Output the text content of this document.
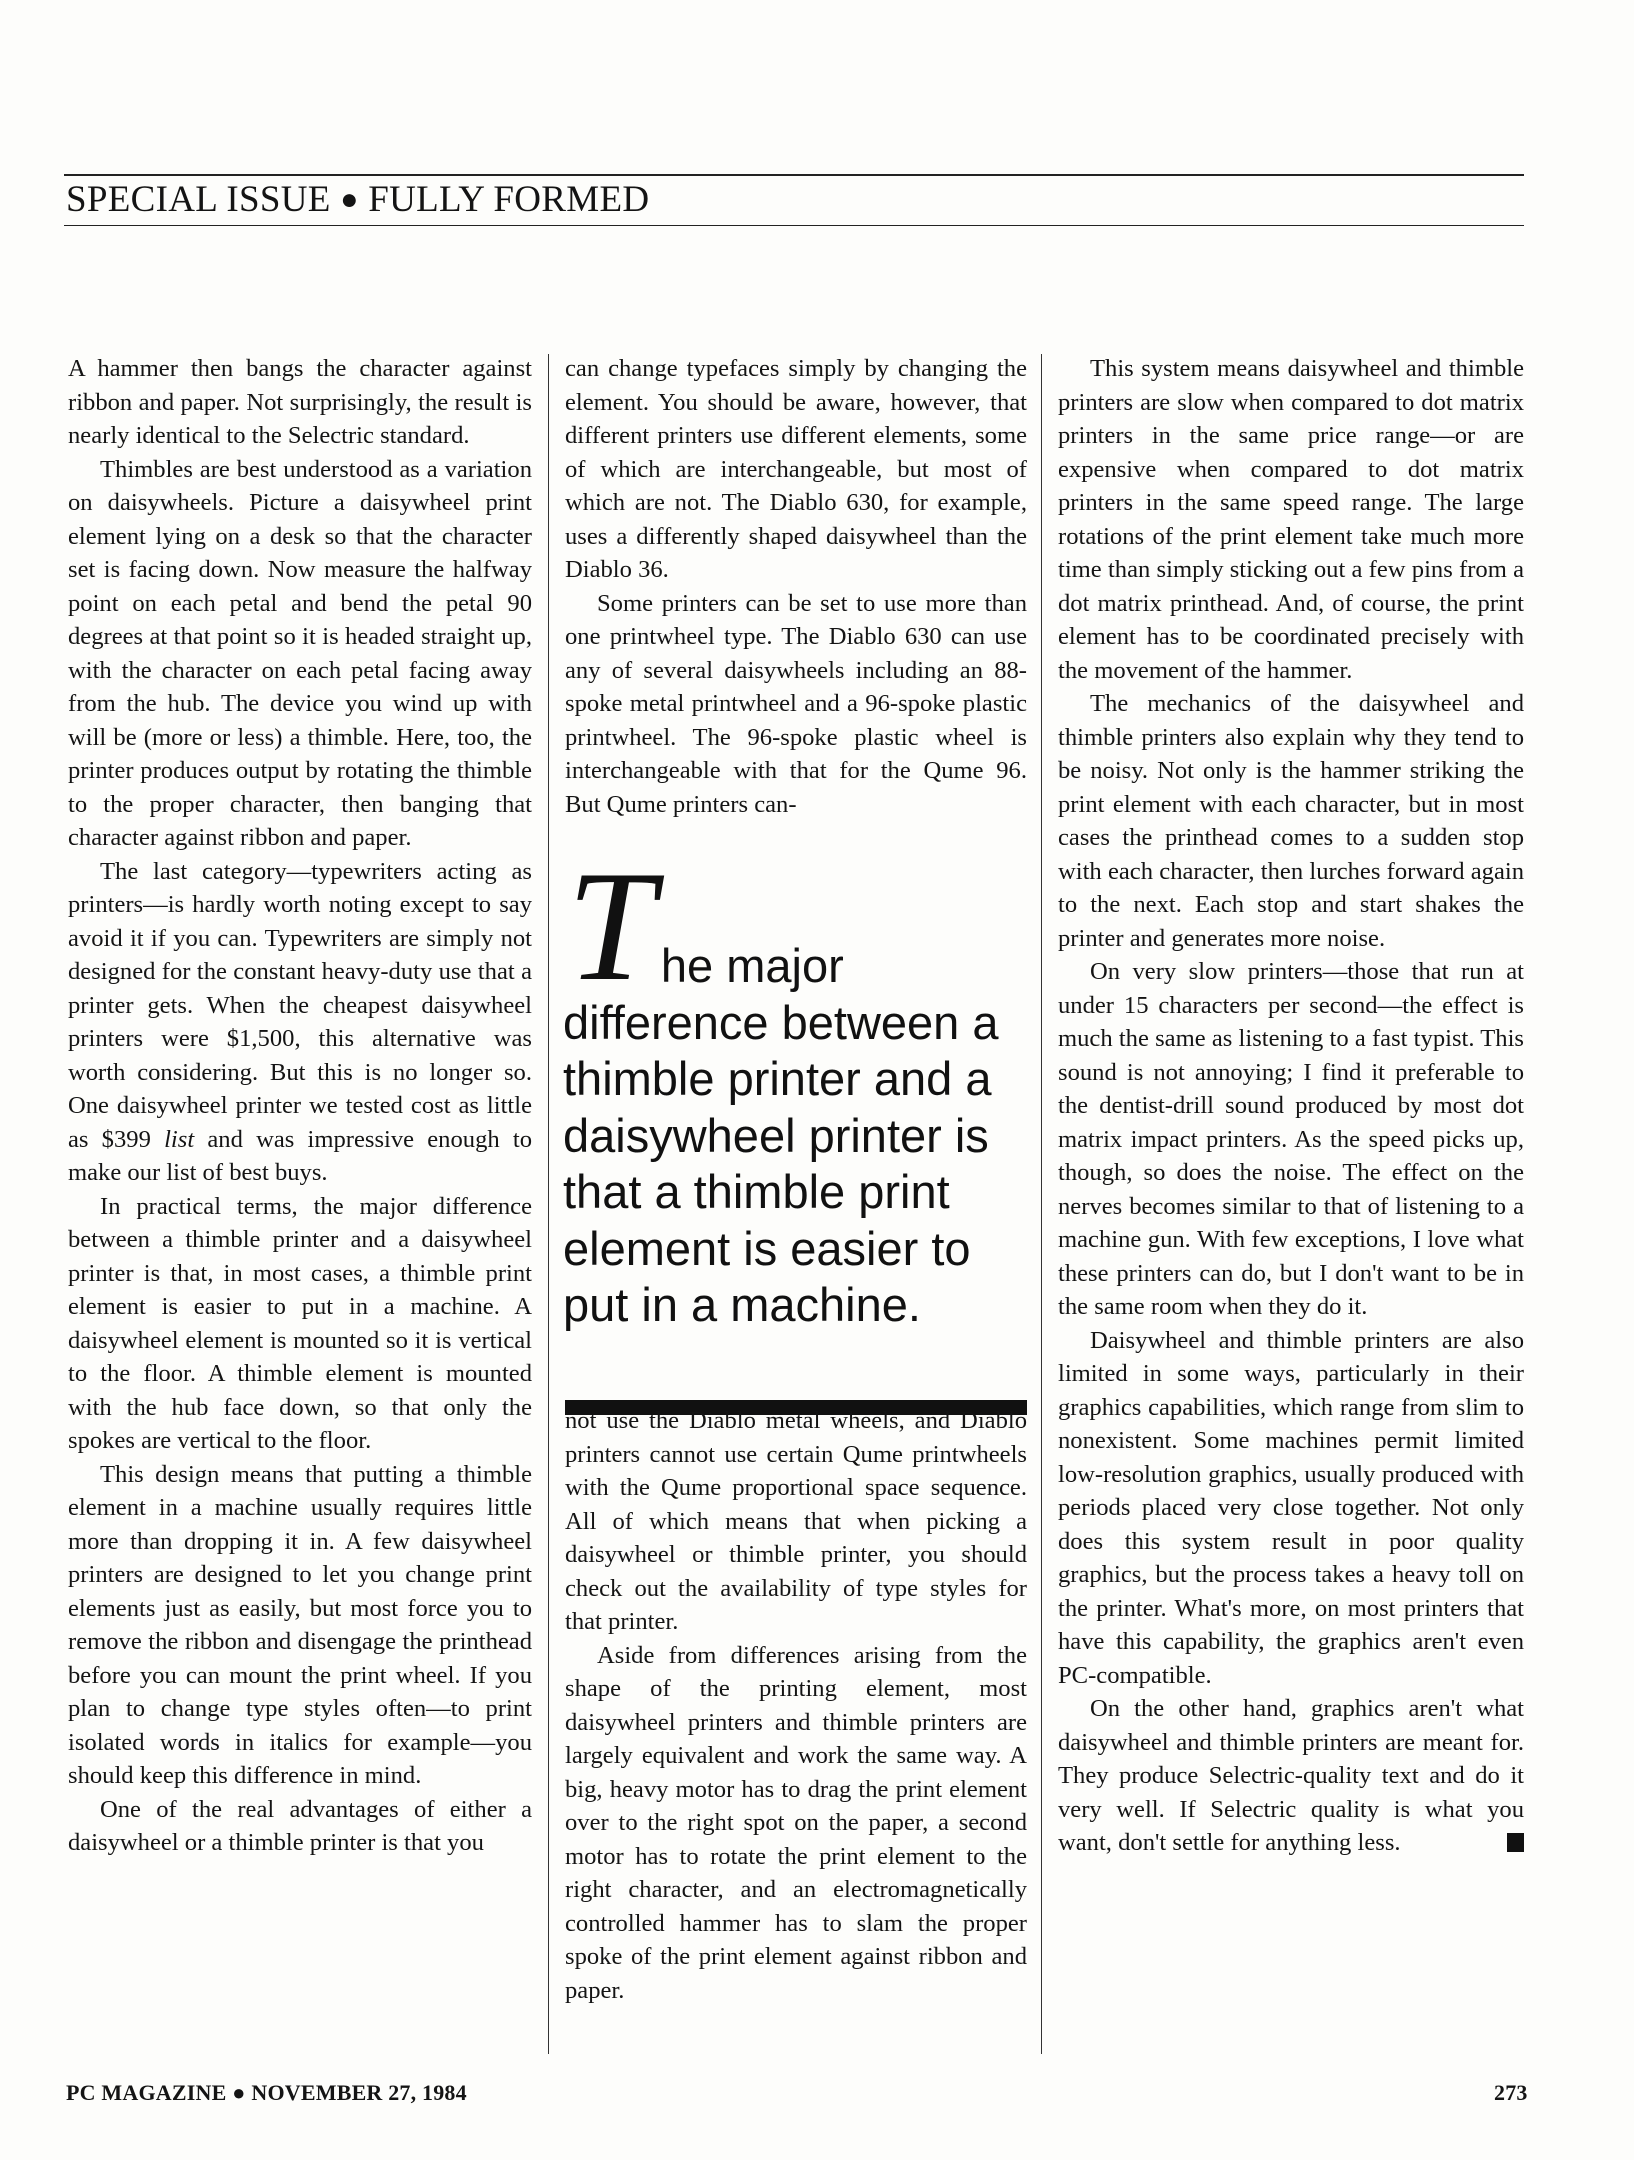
SPECIAL ISSUE ● FULLY FORMED

A hammer then bangs the character against ribbon and paper. Not surprisingly, the result is nearly identical to the Selectric standard.

Thimbles are best understood as a variation on daisywheels. Picture a daisywheel print element lying on a desk so that the character set is facing down. Now measure the halfway point on each petal and bend the petal 90 degrees at that point so it is headed straight up, with the character on each petal facing away from the hub. The device you wind up with will be (more or less) a thimble. Here, too, the printer produces output by rotating the thimble to the proper character, then banging that character against ribbon and paper.

The last category—typewriters acting as printers—is hardly worth noting except to say avoid it if you can. Typewriters are simply not designed for the constant heavy-duty use that a printer gets. When the cheapest daisywheel printers were $1,500, this alternative was worth considering. But this is no longer so. One daisywheel printer we tested cost as little as $399 list and was impressive enough to make our list of best buys.

In practical terms, the major difference between a thimble printer and a daisywheel printer is that, in most cases, a thimble print element is easier to put in a machine. A daisywheel element is mounted so it is vertical to the floor. A thimble element is mounted with the hub face down, so that only the spokes are vertical to the floor.

This design means that putting a thimble element in a machine usually requires little more than dropping it in. A few daisywheel printers are designed to let you change print elements just as easily, but most force you to remove the ribbon and disengage the printhead before you can mount the print wheel. If you plan to change type styles often—to print isolated words in italics for example—you should keep this difference in mind.

One of the real advantages of either a daisywheel or a thimble printer is that you

can change typefaces simply by changing the element. You should be aware, however, that different printers use different elements, some of which are interchangeable, but most of which are not. The Diablo 630, for example, uses a differently shaped daisywheel than the Diablo 36.

Some printers can be set to use more than one printwheel type. The Diablo 630 can use any of several daisywheels including an 88-spoke metal printwheel and a 96-spoke plastic printwheel. The 96-spoke plastic wheel is interchangeable with that for the Qume 96. But Qume printers can-

T he major difference between a thimble printer and a daisywheel printer is that a thimble print element is easier to put in a machine.

not use the Diablo metal wheels, and Diablo printers cannot use certain Qume printwheels with the Qume proportional space sequence. All of which means that when picking a daisywheel or thimble printer, you should check out the availability of type styles for that printer.

Aside from differences arising from the shape of the printing element, most daisywheel printers and thimble printers are largely equivalent and work the same way. A big, heavy motor has to drag the print element over to the right spot on the paper, a second motor has to rotate the print element to the right character, and an electromagnetically controlled hammer has to slam the proper spoke of the print element against ribbon and paper.

This system means daisywheel and thimble printers are slow when compared to dot matrix printers in the same price range—or are expensive when compared to dot matrix printers in the same speed range. The large rotations of the print element take much more time than simply sticking out a few pins from a dot matrix printhead. And, of course, the print element has to be coordinated precisely with the movement of the hammer.

The mechanics of the daisywheel and thimble printers also explain why they tend to be noisy. Not only is the hammer striking the print element with each character, but in most cases the printhead comes to a sudden stop with each character, then lurches forward again to the next. Each stop and start shakes the printer and generates more noise.

On very slow printers—those that run at under 15 characters per second—the effect is much the same as listening to a fast typist. This sound is not annoying; I find it preferable to the dentist-drill sound produced by most dot matrix impact printers. As the speed picks up, though, so does the noise. The effect on the nerves becomes similar to that of listening to a machine gun. With few exceptions, I love what these printers can do, but I don't want to be in the same room when they do it.

Daisywheel and thimble printers are also limited in some ways, particularly in their graphics capabilities, which range from slim to nonexistent. Some machines permit limited low-resolution graphics, usually produced with periods placed very close together. Not only does this system result in poor quality graphics, but the process takes a heavy toll on the printer. What's more, on most printers that have this capability, the graphics aren't even PC-compatible.

On the other hand, graphics aren't what daisywheel and thimble printers are meant for. They produce Selectric-quality text and do it very well. If Selectric quality is what you want, don't settle for anything less.

PC MAGAZINE ● NOVEMBER 27, 1984	273
